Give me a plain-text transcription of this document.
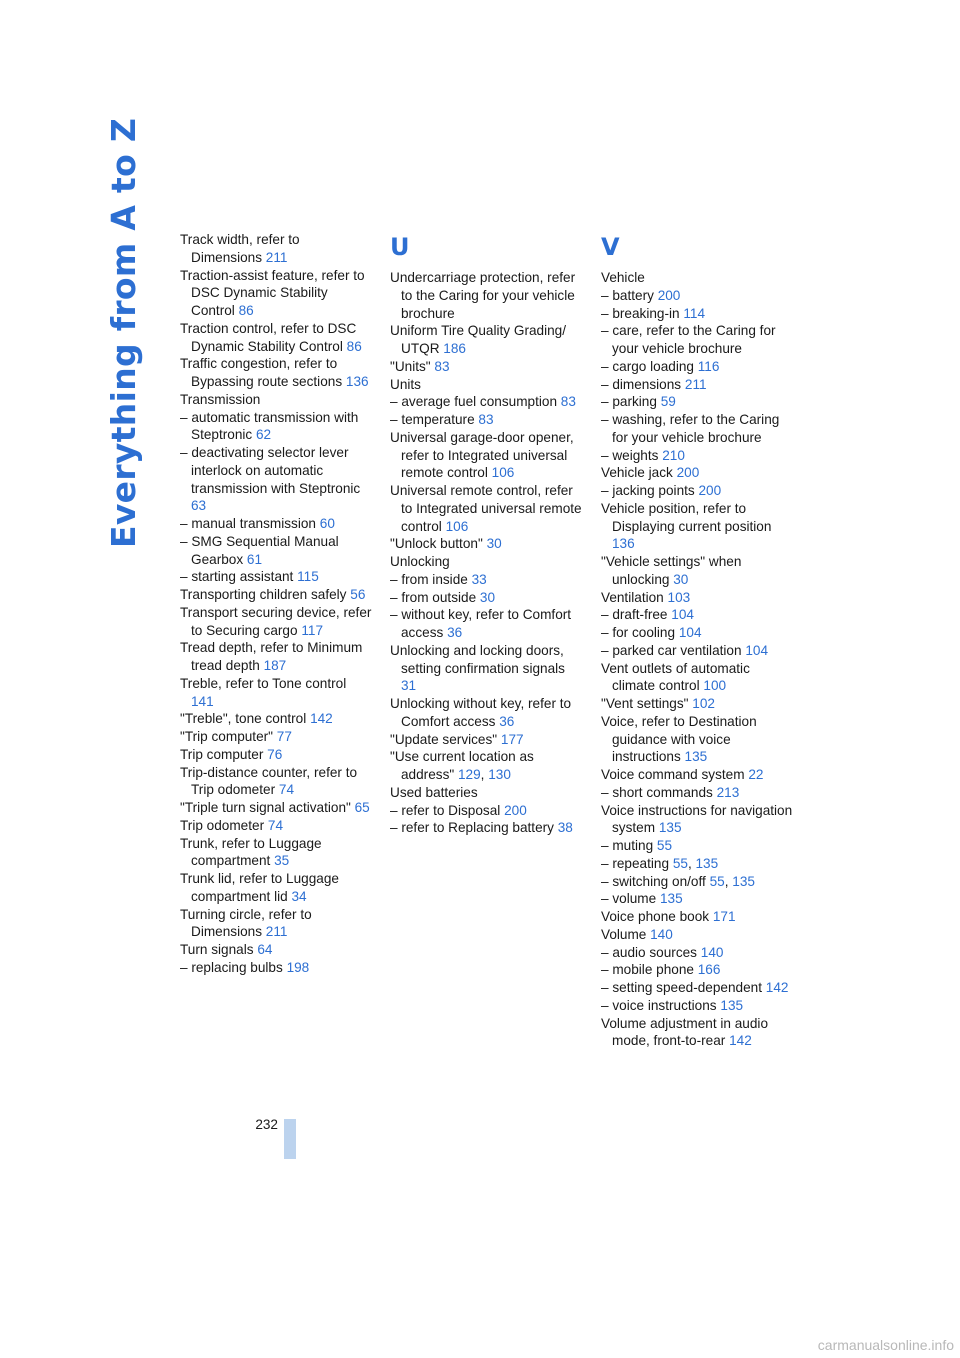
Everything from A to Z	Track width, refer to Dimensions 211
Traction-assist feature, refer to DSC Dynamic Stability Control 86
Traction control, refer to DSC Dynamic Stability Control 86
Traffic congestion, refer to Bypassing route sections 136
Transmission
– automatic transmission with Steptronic 62
– deactivating selector lever interlock on automatic transmission with Steptronic 63
– manual transmission 60
– SMG Sequential Manual Gearbox 61
– starting assistant 115
Transporting children safely 56
Transport securing device, refer to Securing cargo 117
Tread depth, refer to Minimum tread depth 187
Treble, refer to Tone control 141
"Treble", tone control 142
"Trip computer" 77
Trip computer 76
Trip-distance counter, refer to Trip odometer 74
"Triple turn signal activation" 65
Trip odometer 74
Trunk, refer to Luggage compartment 35
Trunk lid, refer to Luggage compartment lid 34
Turning circle, refer to Dimensions 211
Turn signals 64
– replacing bulbs 198
U
Undercarriage protection, refer to the Caring for your vehicle brochure
Uniform Tire Quality Grading/ UTQR 186
"Units" 83
Units
– average fuel consumption 83
– temperature 83
Universal garage-door opener, refer to Integrated universal remote control 106
Universal remote control, refer to Integrated universal remote control 106
"Unlock button" 30
Unlocking
– from inside 33
– from outside 30
– without key, refer to Comfort access 36
Unlocking and locking doors, setting confirmation signals 31
Unlocking without key, refer to Comfort access 36
"Update services" 177
"Use current location as address" 129, 130
Used batteries
– refer to Disposal 200
– refer to Replacing battery 38
V
Vehicle
– battery 200
– breaking-in 114
– care, refer to the Caring for your vehicle brochure
– cargo loading 116
– dimensions 211
– parking 59
– washing, refer to the Caring for your vehicle brochure
– weights 210
Vehicle jack 200
– jacking points 200
Vehicle position, refer to Displaying current position 136
"Vehicle settings" when unlocking 30
Ventilation 103
– draft-free 104
– for cooling 104
– parked car ventilation 104
Vent outlets of automatic climate control 100
"Vent settings" 102
Voice, refer to Destination guidance with voice instructions 135
Voice command system 22
– short commands 213
Voice instructions for navigation system 135
– muting 55
– repeating 55, 135
– switching on/off 55, 135
– volume 135
Voice phone book 171
Volume 140
– audio sources 140
– mobile phone 166
– setting speed-dependent 142
– voice instructions 135
Volume adjustment in audio mode, front-to-rear 142
232
carmanualsonline.info
